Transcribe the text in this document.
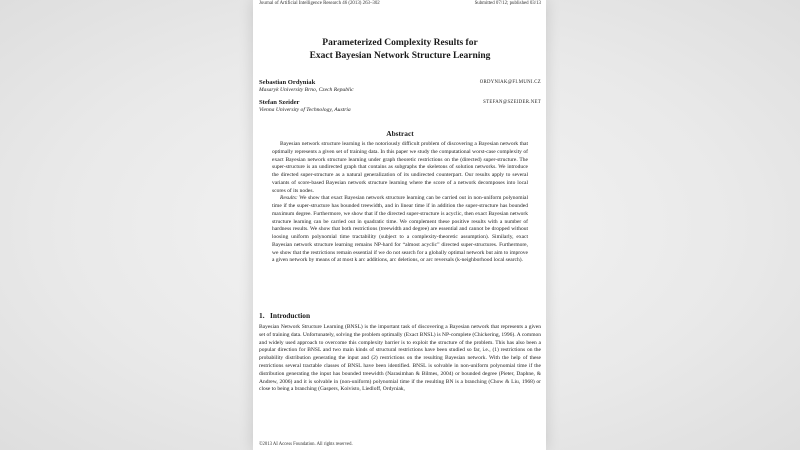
Journal of Artificial Intelligence Research 46 (2013) 263–302	Submitted 07/12; published 03/13
Parameterized Complexity Results for
Exact Bayesian Network Structure Learning
Sebastian Ordyniak
Masaryk University Brno, Czech Republic
ORDYNIAK@FI.MUNI.CZ
Stefan Szeider
Vienna University of Technology, Austria
STEFAN@SZEIDER.NET
Abstract

Bayesian network structure learning is the notoriously difficult problem of discovering a Bayesian network that optimally represents a given set of training data. In this paper we study the computational worst-case complexity of exact Bayesian network structure learning under graph theoretic restrictions on the (directed) super-structure. The super-structure is an undirected graph that contains as subgraphs the skeletons of solution networks. We introduce the directed super-structure as a natural generalization of its undirected counterpart. Our results apply to several variants of score-based Bayesian network structure learning where the score of a network decomposes into local scores of its nodes.

Results: We show that exact Bayesian network structure learning can be carried out in non-uniform polynomial time if the super-structure has bounded treewidth, and in linear time if in addition the super-structure has bounded maximum degree. Furthermore, we show that if the directed super-structure is acyclic, then exact Bayesian network structure learning can be carried out in quadratic time. We complement these positive results with a number of hardness results. We show that both restrictions (treewidth and degree) are essential and cannot be dropped without loosing uniform polynomial time tractability (subject to a complexity-theoretic assumption). Similarly, exact Bayesian network structure learning remains NP-hard for “almost acyclic” directed super-structures. Furthermore, we show that the restrictions remain essential if we do not search for a globally optimal network but aim to improve a given network by means of at most k arc additions, arc deletions, or arc reversals (k-neighborhood local search).

1. Introduction

Bayesian Network Structure Learning (BNSL) is the important task of discovering a Bayesian network that represents a given set of training data. Unfortunately, solving the problem optimally (Exact BNSL) is NP-complete (Chickering, 1996). A common and widely used approach to overcome this complexity barrier is to exploit the structure of the problem. This has also been a popular direction for BNSL and two main kinds of structural restrictions have been studied so far, i.e., (1) restrictions on the probability distribution generating the input and (2) restrictions on the resulting Bayesian network. With the help of these restrictions several tractable classes of BNSL have been identified. BNSL is solvable in non-uniform polynomial time if the distribution generating the input has bounded treewidth (Narasimhan & Bilmes, 2004) or bounded degree (Pieter, Daphne, & Andrew, 2006) and it is solvable in (non-uniform) polynomial time if the resulting BN is a branching (Chow & Liu, 1968) or close to being a branching (Gaspers, Koivisto, Liedloff, Ordyniak,

©2013 AI Access Foundation. All rights reserved.
